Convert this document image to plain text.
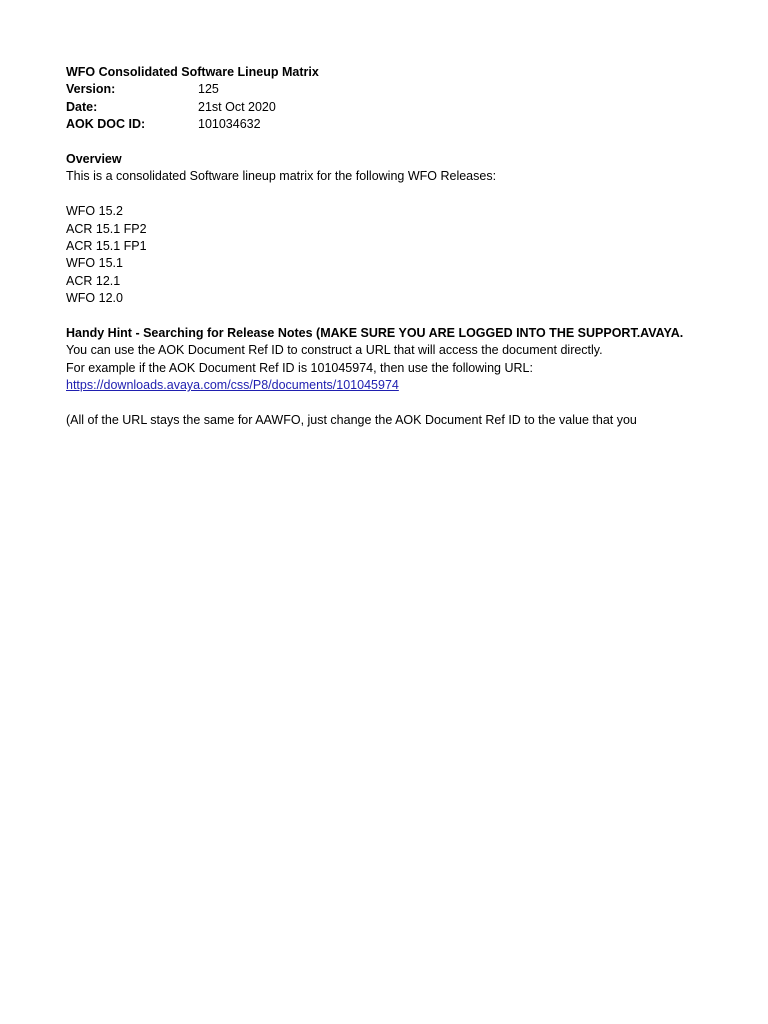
WFO Consolidated Software Lineup Matrix
Version:	125
Date:	21st Oct 2020
AOK DOC ID:	101034632
Overview
This is a consolidated Software lineup matrix for the following WFO Releases:
WFO 15.2
ACR 15.1 FP2
ACR 15.1 FP1
WFO 15.1
ACR 12.1
WFO 12.0
Handy Hint - Searching for Release Notes (MAKE SURE YOU ARE LOGGED INTO THE SUPPORT.AVAYA.
You can use the AOK Document Ref ID to construct a URL that will access the document directly.
For example if the AOK Document Ref ID is 101045974, then use the following URL:
https://downloads.avaya.com/css/P8/documents/101045974
(All of the URL stays the same for AAWFO, just change the AOK Document Ref ID to the value that you
